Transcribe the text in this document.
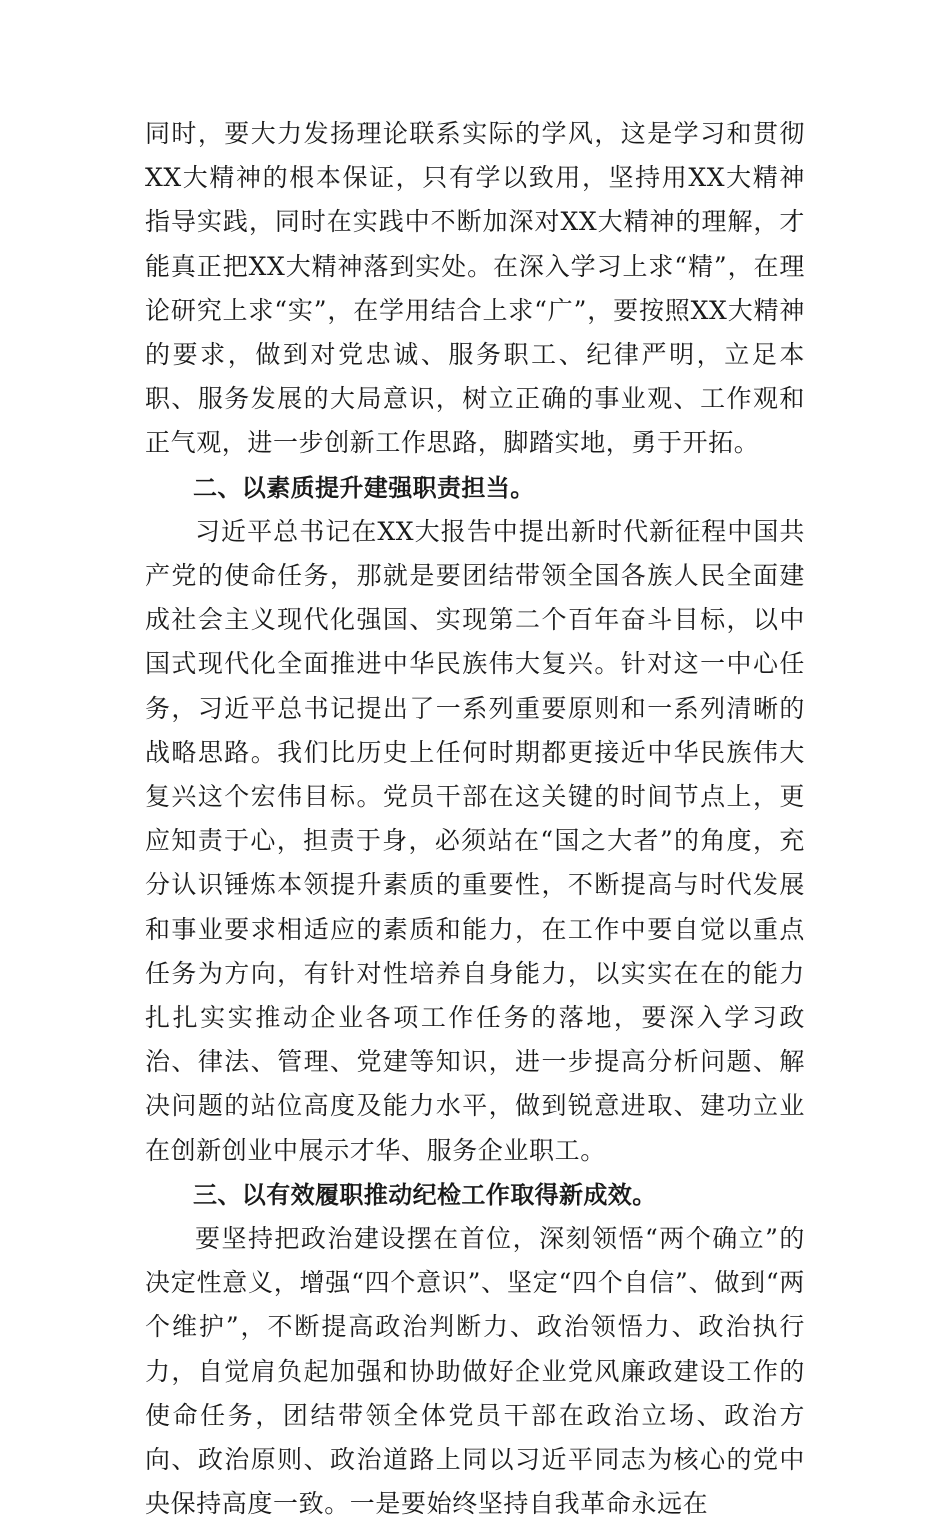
同时，要大力发扬理论联系实际的学风，这是学习和贯彻XX大精神的根本保证，只有学以致用，坚持用XX大精神指导实践，同时在实践中不断加深对XX大精神的理解，才能真正把XX大精神落到实处。在深入学习上求“精”，在理论研究上求“实”，在学用结合上求“广”，要按照XX大精神的要求，做到对党忠诚、服务职工、纪律严明，立足本职、服务发展的大局意识，树立正确的事业观、工作观和正气观，进一步创新工作思路，脚踏实地，勇于开拓。

二、以素质提升建强职责担当。

习近平总书记在XX大报告中提出新时代新征程中国共产党的使命任务，那就是要团结带领全国各族人民全面建成社会主义现代化强国、实现第二个百年奋斗目标，以中国式现代化全面推进中华民族伟大复兴。针对这一中心任务，习近平总书记提出了一系列重要原则和一系列清晰的战略思路。我们比历史上任何时期都更接近中华民族伟大复兴这个宏伟目标。党员干部在这关键的时间节点上，更应知责于心，担责于身，必须站在“国之大者”的角度，充分认识锤炼本领提升素质的重要性，不断提高与时代发展和事业要求相适应的素质和能力，在工作中要自觉以重点任务为方向，有针对性培养自身能力，以实实在在的能力扎扎实实推动企业各项工作任务的落地，要深入学习政治、律法、管理、党建等知识，进一步提高分析问题、解决问题的站位高度及能力水平，做到锐意进取、建功立业在创新创业中展示才华、服务企业职工。

三、以有效履职推动纪检工作取得新成效。

要坚持把政治建设摆在首位，深刻领悟“两个确立”的决定性意义，增强“四个意识”、坚定“四个自信”、做到“两个维护”，不断提高政治判断力、政治领悟力、政治执行力，自觉肩负起加强和协助做好企业党风廉政建设工作的使命任务，团结带领全体党员干部在政治立场、政治方向、政治原则、政治道路上同以习近平同志为核心的党中央保持高度一致。一是要始终坚持自我革命永远在
